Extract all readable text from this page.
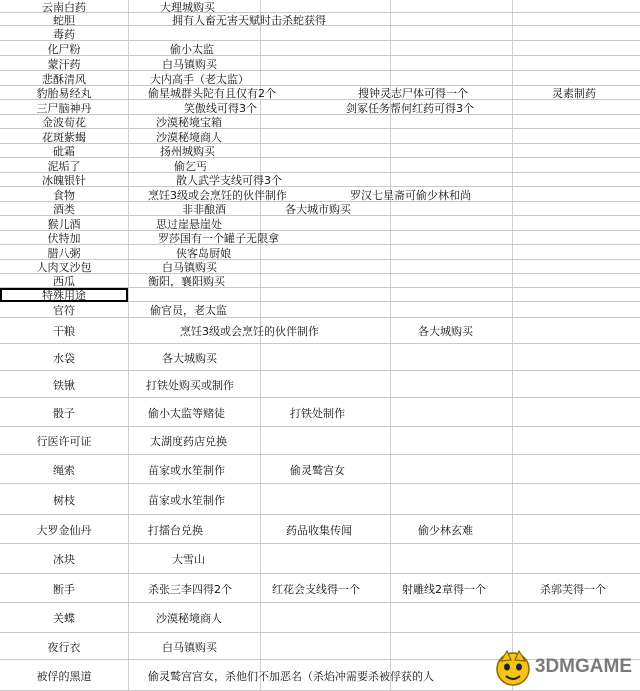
云南白药	大理城购买
蛇胆	拥有人畜无害天赋时击杀蛇获得
毒药
化尸粉	偷小太监
蒙汗药	白马镇购买
悲酥清风	大内高手（老太监）
豹胎易经丸	偷星城群头陀有且仅有2个	搜钟灵志尸体可得一个	灵素制药
三尸脑神丹	笑傲线可得3个	剑冢任务帮何红药可得3个
金波荀花	沙漠秘境宝箱
花斑紫蝎	沙漠秘境商人
砒霜	扬州城购买
泥垢了	偷乞丐
冰魄银针	散人武学支线可得3个
食物	烹饪3级或会烹饪的伙伴制作	罗汉七星斋可偷少林和尚
酒类	非非酿酒	各大城市购买
猴儿酒	思过崖悬崖处
伏特加	罗莎国有一个罐子无限拿
腊八粥	侠客岛厨娘
人肉叉沙包	白马镇购买
西瓜	衡阳，襄阳购买
特殊用途
官符	偷官员，老太监
干粮	烹饪3级或会烹饪的伙伴制作	各大城购买
水袋	各大城购买
铁锹	打铁处购买或制作
骰子	偷小太监等赌徒	打铁处制作
行医许可证	太湖度药店兑换
绳索	苗家或水笙制作	偷灵鹫宫女
树枝	苗家或水笙制作
大罗金仙丹	打擂台兑换	药品收集传闻	偷少林玄难
冰块	大雪山
断手	杀张三李四得2个	红花会支线得一个	射雕线2章得一个	杀郭芙得一个
关蝶	沙漠秘境商人
夜行衣	白马镇购买
被俘的黑道	偷灵鹫宫宫女，杀他们不加恶名（杀焰冲需要杀被俘获的人	3DMGAME
